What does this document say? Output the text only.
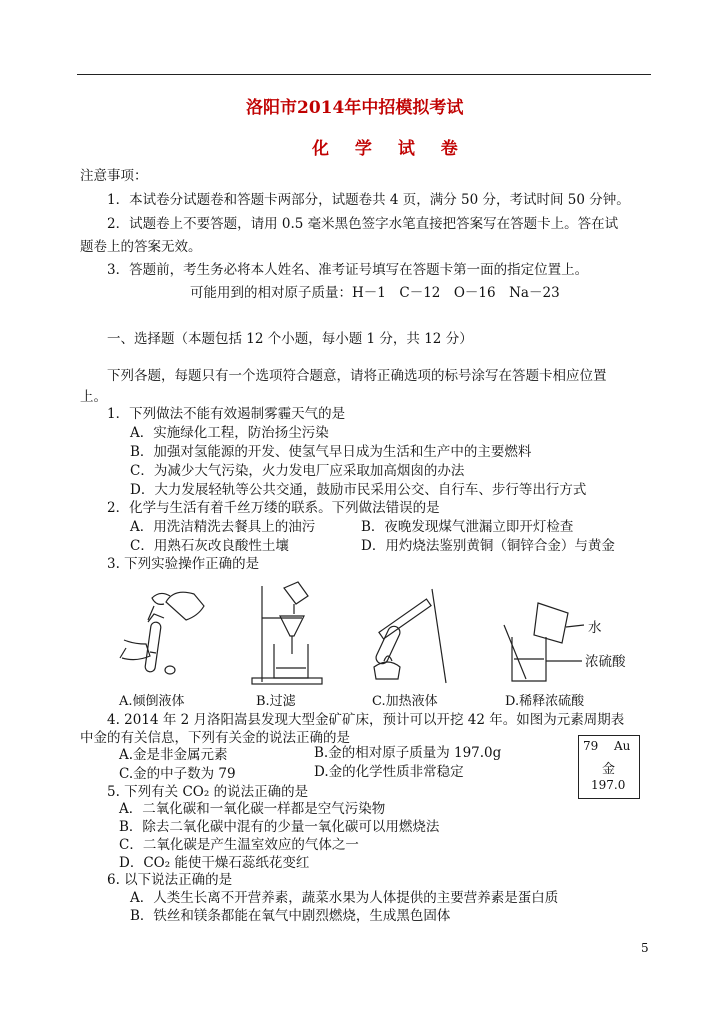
洛阳市2014年中招模拟考试
化 学 试 卷
注意事项：
1．本试卷分试题卷和答题卡两部分，试题卷共 4 页，满分 50 分，考试时间 50 分钟。
2．试题卷上不要答题，请用 0.5 毫米黑色签字水笔直接把答案写在答题卡上。答在试
题卷上的答案无效。
3．答题前，考生务必将本人姓名、准考证号填写在答题卡第一面的指定位置上。
可能用到的相对原子质量：H－1　C－12　O－16　Na－23
一、选择题（本题包括 12 个小题，每小题 1 分，共 12 分）
下列各题，每题只有一个选项符合题意，请将正确选项的标号涂写在答题卡相应位置
上。
1．下列做法不能有效遏制雾霾天气的是
A．实施绿化工程，防治扬尘污染
B．加强对氢能源的开发、使氢气早日成为生活和生产中的主要燃料
C．为减少大气污染，火力发电厂应采取加高烟囱的办法
D．大力发展轻轨等公共交通，鼓励市民采用公交、自行车、步行等出行方式
2．化学与生活有着千丝万缕的联系。下列做法错误的是
A．用洗洁精洗去餐具上的油污	B．夜晚发现煤气泄漏立即开灯检查
C．用熟石灰改良酸性土壤	D．用灼烧法鉴别黄铜（铜锌合金）与黄金
3. 下列实验操作正确的是
水
浓硫酸
A.倾倒液体	B.过滤	C.加热液体	D.稀释浓硫酸
4. 2014 年 2 月洛阳嵩县发现大型金矿矿床，预计可以开挖 42 年。如图为元素周期表
中金的有关信息，下列有关金的说法正确的是
A.金是非金属元素	B.金的相对原子质量为 197.0g
C.金的中子数为 79	D.金的化学性质非常稳定
79 Au
金
197.0
5. 下列有关 CO₂ 的说法正确的是
A．二氧化碳和一氧化碳一样都是空气污染物
B．除去二氧化碳中混有的少量一氧化碳可以用燃烧法
C．二氧化碳是产生温室效应的气体之一
D．CO₂ 能使干燥石蕊纸花变红
6. 以下说法正确的是
A．人类生长离不开营养素，蔬菜水果为人体提供的主要营养素是蛋白质
B．铁丝和镁条都能在氧气中剧烈燃烧，生成黑色固体
5
